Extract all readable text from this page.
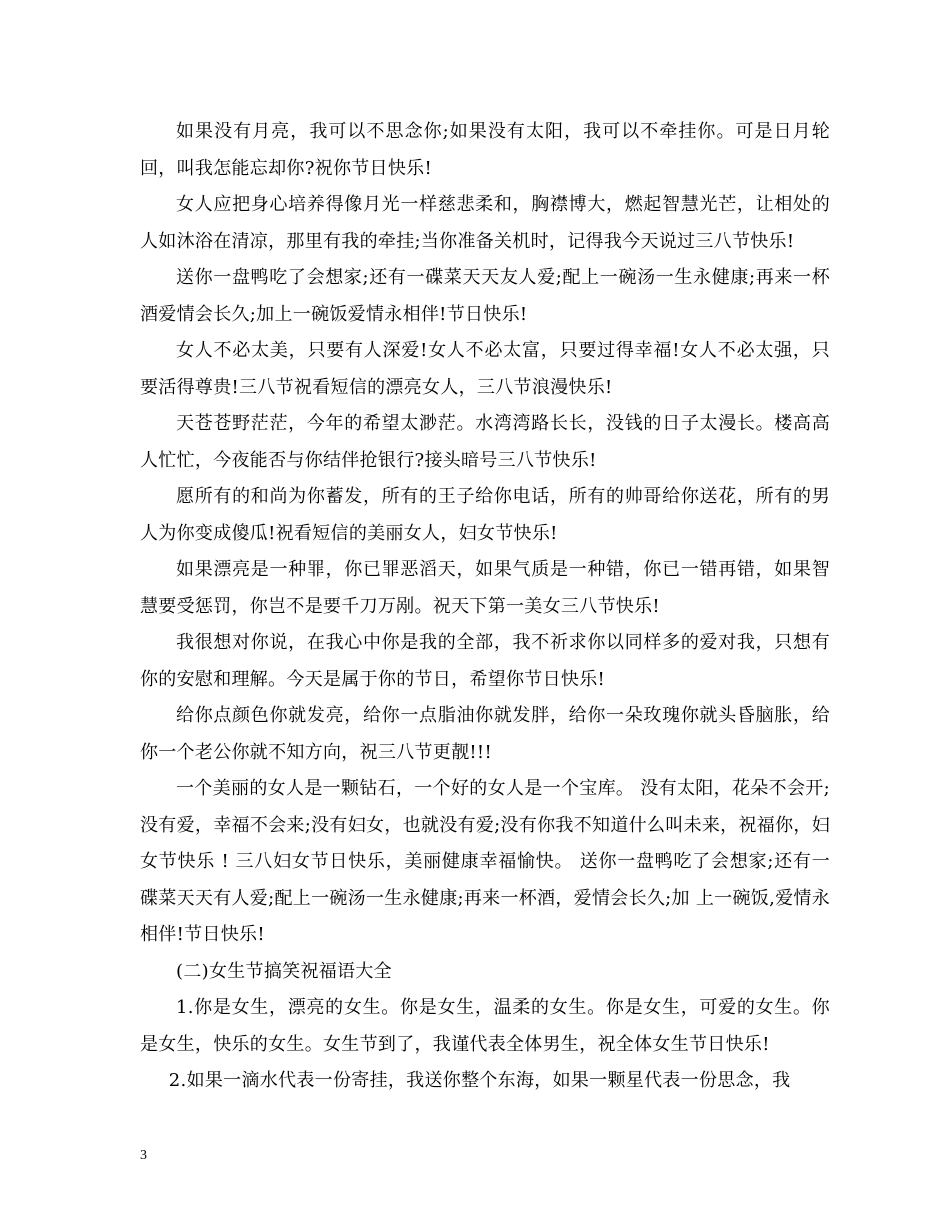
如果没有月亮，我可以不思念你;如果没有太阳，我可以不牵挂你。可是日月轮回，叫我怎能忘却你?祝你节日快乐!

女人应把身心培养得像月光一样慈悲柔和，胸襟博大，燃起智慧光芒，让相处的人如沐浴在清凉，那里有我的牵挂;当你准备关机时，记得我今天说过三八节快乐!

送你一盘鸭吃了会想家;还有一碟菜天天友人爱;配上一碗汤一生永健康;再来一杯酒爱情会长久;加上一碗饭爱情永相伴!节日快乐!

女人不必太美，只要有人深爱!女人不必太富，只要过得幸福!女人不必太强，只要活得尊贵!三八节祝看短信的漂亮女人，三八节浪漫快乐!

天苍苍野茫茫，今年的希望太渺茫。水湾湾路长长，没钱的日子太漫长。楼高高人忙忙，今夜能否与你结伴抢银行?接头暗号三八节快乐!

愿所有的和尚为你蓄发，所有的王子给你电话，所有的帅哥给你送花，所有的男人为你变成傻瓜!祝看短信的美丽女人，妇女节快乐!

如果漂亮是一种罪，你已罪恶滔天，如果气质是一种错，你已一错再错，如果智慧要受惩罚，你岂不是要千刀万剐。祝天下第一美女三八节快乐!

我很想对你说，在我心中你是我的全部，我不祈求你以同样多的爱对我，只想有你的安慰和理解。今天是属于你的节日，希望你节日快乐!

给你点颜色你就发亮，给你一点脂油你就发胖，给你一朵玫瑰你就头昏脑胀，给你一个老公你就不知方向，祝三八节更靓!!!

一个美丽的女人是一颗钻石，一个好的女人是一个宝库。 没有太阳，花朵不会开;没有爱，幸福不会来;没有妇女，也就没有爱;没有你我不知道什么叫未来，祝福你，妇女节快乐 ! 三八妇女节日快乐，美丽健康幸福愉快。 送你一盘鸭吃了会想家;还有一碟菜天天有人爱;配上一碗汤一生永健康;再来一杯酒，爱情会长久;加 上一碗饭,爱情永相伴!节日快乐!

(二)女生节搞笑祝福语大全

1.你是女生，漂亮的女生。你是女生，温柔的女生。你是女生，可爱的女生。你是女生，快乐的女生。女生节到了，我谨代表全体男生，祝全体女生节日快乐!

2.如果一滴水代表一份寄挂，我送你整个东海，如果一颗星代表一份思念，我

3
